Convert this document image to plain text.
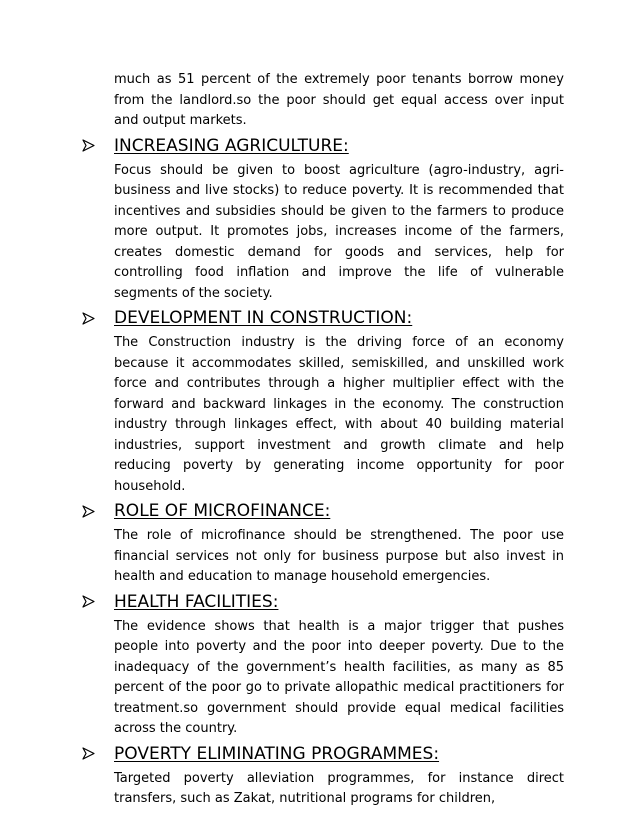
much as 51 percent of the extremely poor tenants borrow money from the landlord.so the poor should get equal access over input and output markets.

INCREASING AGRICULTURE:

Focus should be given to boost agriculture (agro-industry, agri-business and live stocks) to reduce poverty. It is recommended that incentives and subsidies should be given to the farmers to produce more output. It promotes jobs, increases income of the farmers, creates domestic demand for goods and services, help for controlling food inflation and improve the life of vulnerable segments of the society.

DEVELOPMENT IN CONSTRUCTION:

The Construction industry is the driving force of an economy because it accommodates skilled, semiskilled, and unskilled work force and contributes through a higher multiplier effect with the forward and backward linkages in the economy. The construction industry through linkages effect, with about 40 building material industries, support investment and growth climate and help reducing poverty by generating income opportunity for poor household.

ROLE OF MICROFINANCE:

The role of microfinance should be strengthened. The poor use financial services not only for business purpose but also invest in health and education to manage household emergencies.

HEALTH FACILITIES:

The evidence shows that health is a major trigger that pushes people into poverty and the poor into deeper poverty. Due to the inadequacy of the government’s health facilities, as many as 85 percent of the poor go to private allopathic medical practitioners for treatment.so government should provide equal medical facilities across the country.

POVERTY ELIMINATING PROGRAMMES:

Targeted poverty alleviation programmes, for instance direct transfers, such as Zakat, nutritional programs for children,
